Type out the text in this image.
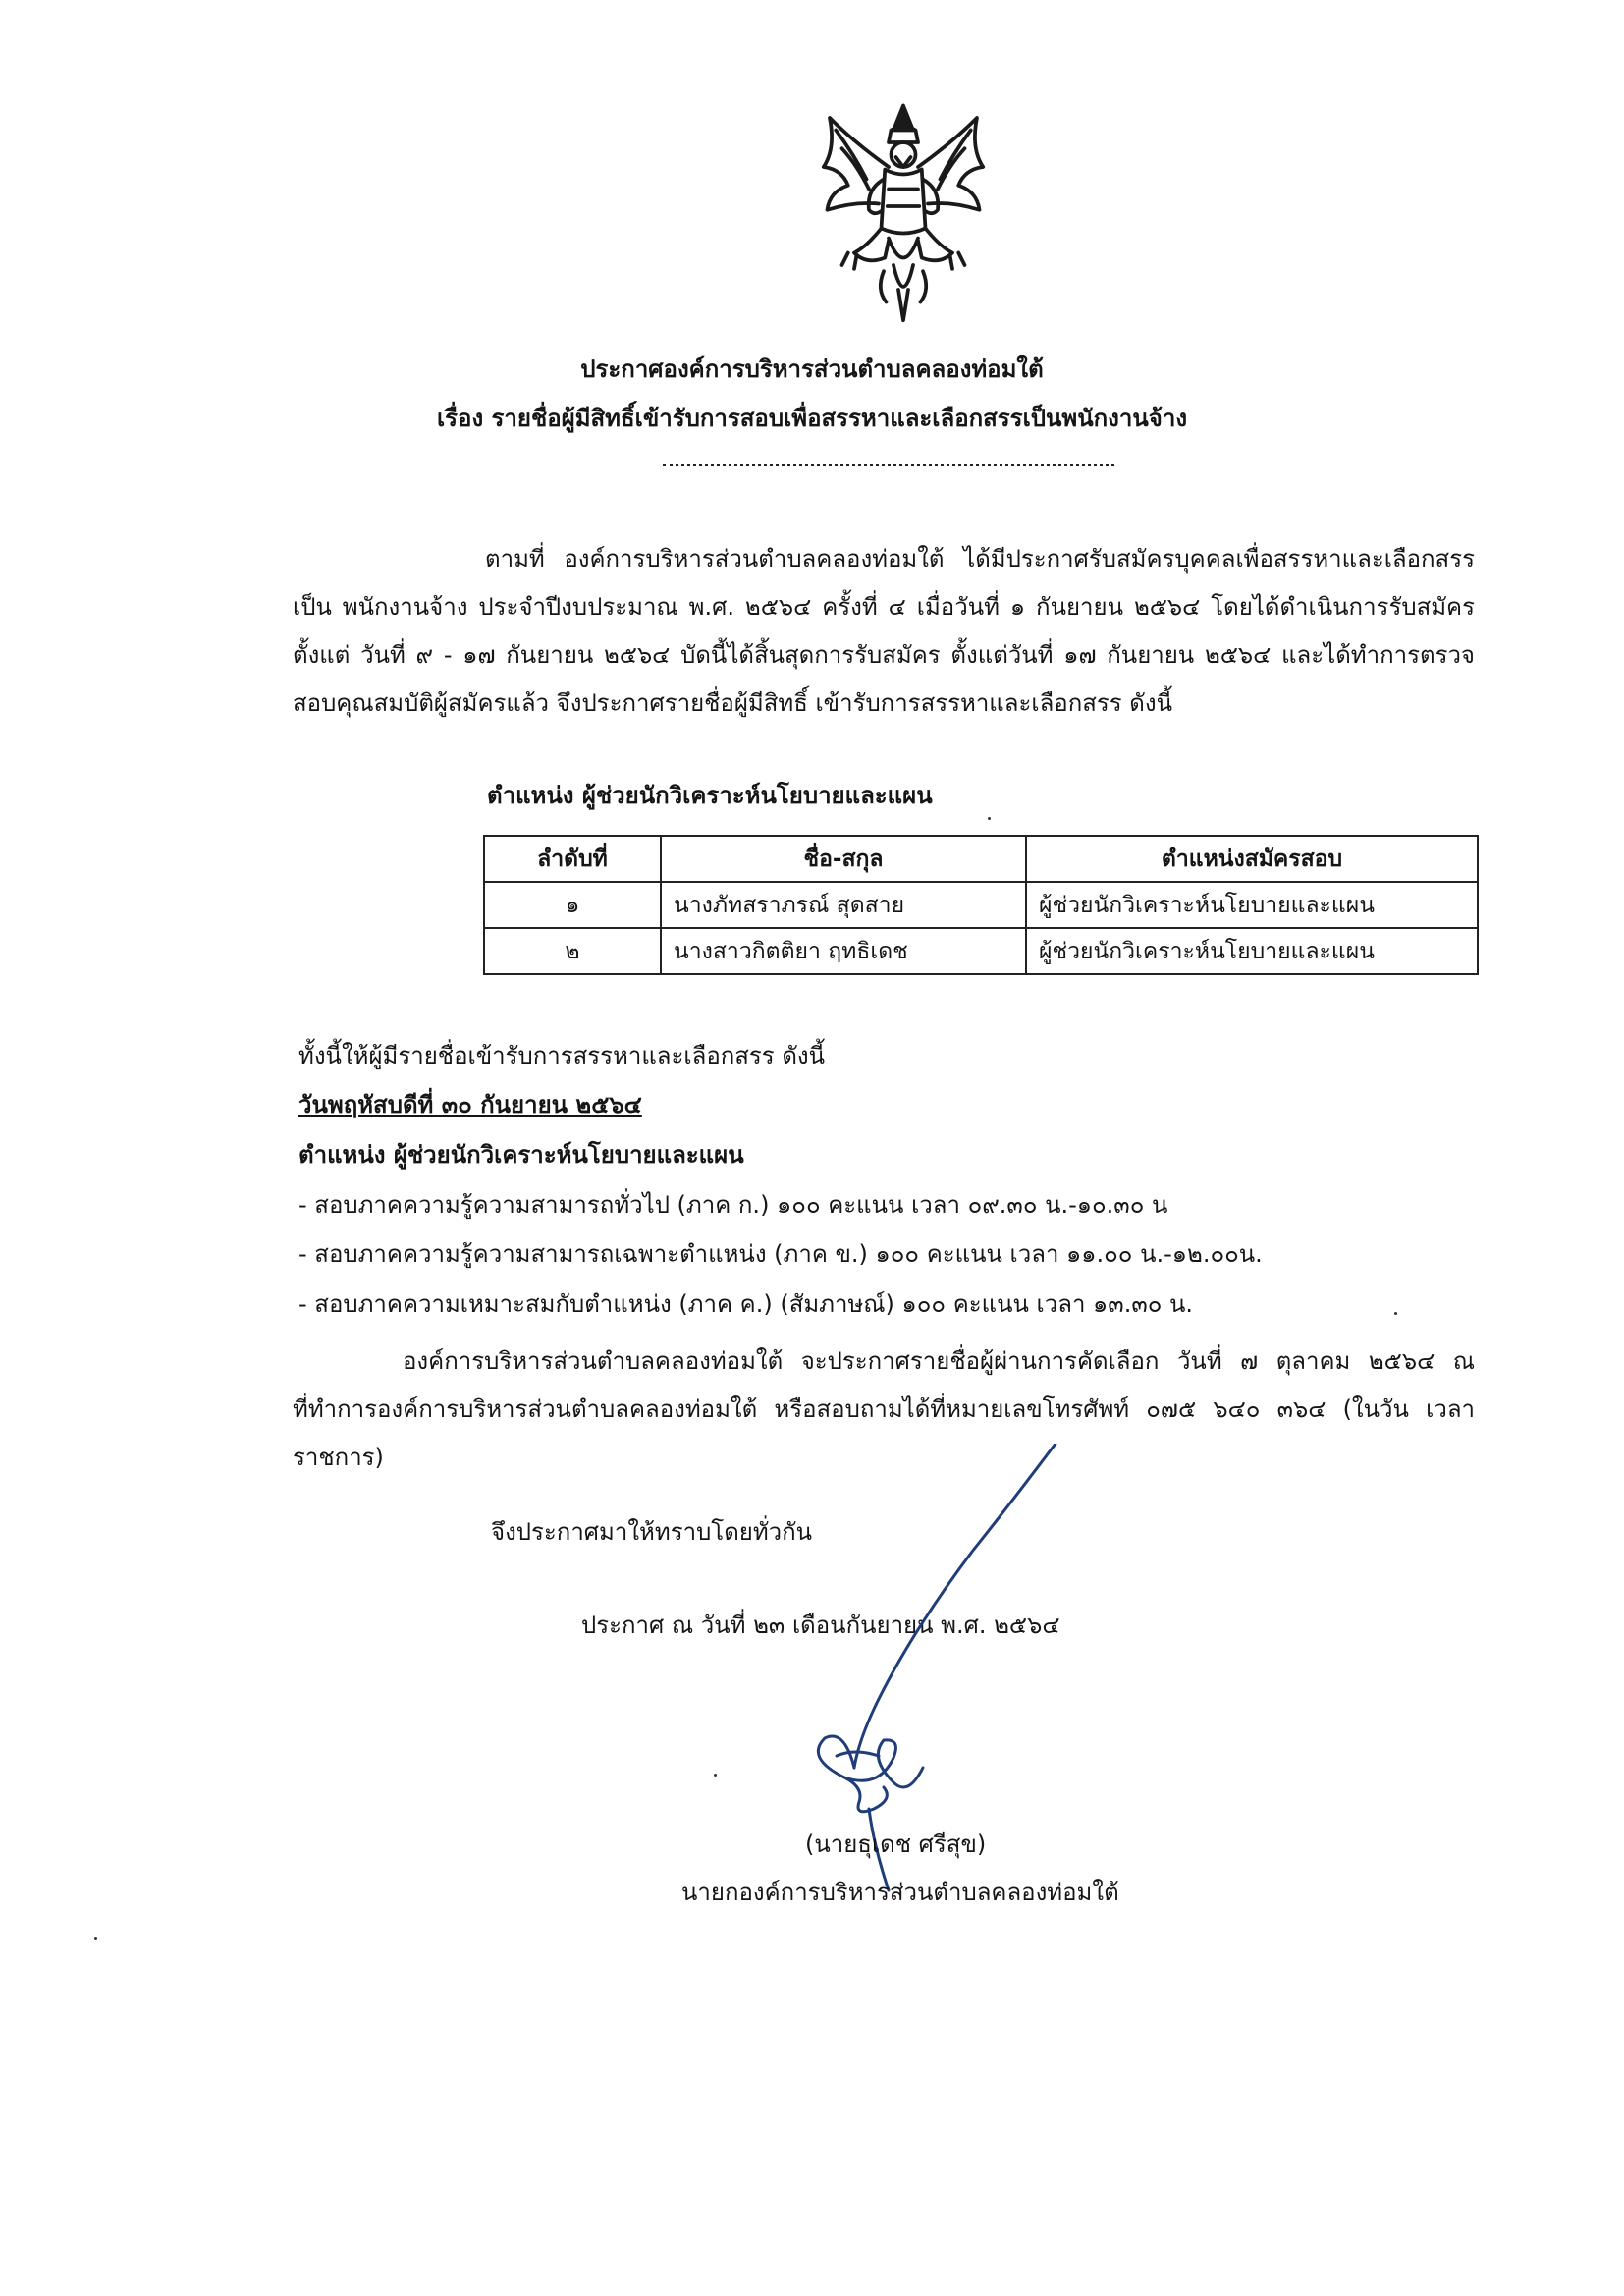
ประกาศองค์การบริหารส่วนตำบลคลองท่อมใต้
เรื่อง รายชื่อผู้มีสิทธิ์เข้ารับการสอบเพื่อสรรหาและเลือกสรรเป็นพนักงานจ้าง
ตามที่ องค์การบริหารส่วนตำบลคลองท่อมใต้ ได้มีประกาศรับสมัครบุคคลเพื่อสรรหาและเลือกสรร เป็น พนักงานจ้าง ประจำปีงบประมาณ พ.ศ. ๒๕๖๔ ครั้งที่ ๔ เมื่อวันที่ ๑ กันยายน ๒๕๖๔ โดยได้ดำเนินการรับสมัคร ตั้งแต่ วันที่ ๙ - ๑๗ กันยายน ๒๕๖๔ บัดนี้ได้สิ้นสุดการรับสมัคร ตั้งแต่วันที่ ๑๗ กันยายน ๒๕๖๔ และได้ทำการตรวจสอบคุณสมบัติผู้สมัครแล้ว จึงประกาศรายชื่อผู้มีสิทธิ์ เข้ารับการสรรหาและเลือกสรร ดังนี้
ตำแหน่ง ผู้ช่วยนักวิเคราะห์นโยบายและแผน
ลำดับที่	ชื่อ-สกุล	ตำแหน่งสมัครสอบ
๑	นางภัทสราภรณ์ สุดสาย	ผู้ช่วยนักวิเคราะห์นโยบายและแผน
๒	นางสาวกิตติยา ฤทธิเดช	ผู้ช่วยนักวิเคราะห์นโยบายและแผน
ทั้งนี้ให้ผู้มีรายชื่อเข้ารับการสรรหาและเลือกสรร ดังนี้
วันพฤหัสบดีที่ ๓๐ กันยายน ๒๕๖๔
ตำแหน่ง ผู้ช่วยนักวิเคราะห์นโยบายและแผน
- สอบภาคความรู้ความสามารถทั่วไป (ภาค ก.) ๑๐๐ คะแนน เวลา ๐๙.๓๐ น.-๑๐.๓๐ น
- สอบภาคความรู้ความสามารถเฉพาะตำแหน่ง (ภาค ข.) ๑๐๐ คะแนน เวลา ๑๑.๐๐ น.-๑๒.๐๐น.
- สอบภาคความเหมาะสมกับตำแหน่ง (ภาค ค.) (สัมภาษณ์) ๑๐๐ คะแนน เวลา ๑๓.๓๐ น.
องค์การบริหารส่วนตำบลคลองท่อมใต้ จะประกาศรายชื่อผู้ผ่านการคัดเลือก วันที่ ๗ ตุลาคม ๒๕๖๔ ณ ที่ทำการองค์การบริหารส่วนตำบลคลองท่อมใต้ หรือสอบถามได้ที่หมายเลขโทรศัพท์ ๐๗๕ ๖๔๐ ๓๖๔ (ในวัน เวลา ราชการ)
จึงประกาศมาให้ทราบโดยทั่วกัน
ประกาศ ณ วันที่ ๒๓ เดือนกันยายน พ.ศ. ๒๕๖๔
(นายธุเดช ศรีสุข)
นายกองค์การบริหารส่วนตำบลคลองท่อมใต้
